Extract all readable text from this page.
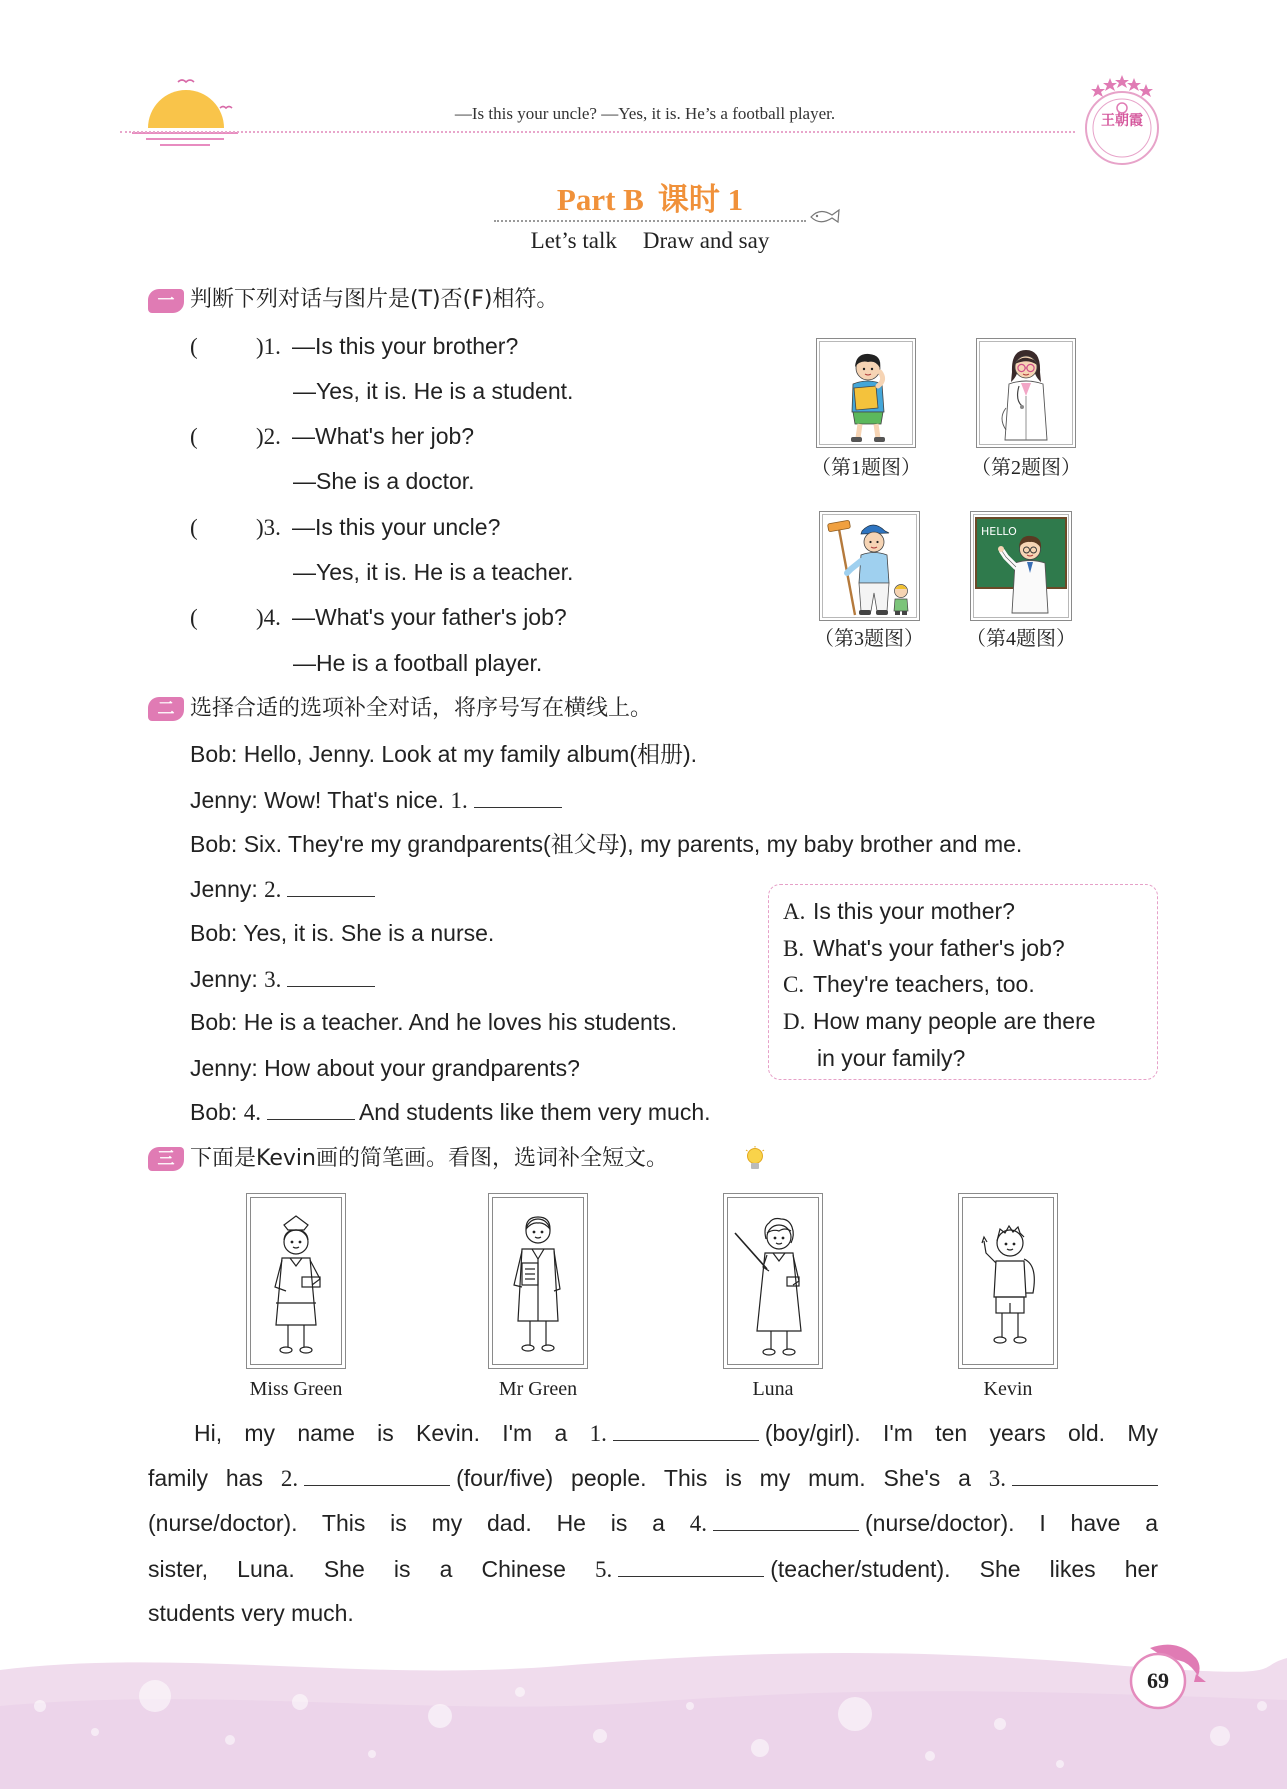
—Is this your uncle? —Yes, it is. He’s a football player.	王朝霞
Part B 课时 1
Let’s talk Draw and say
一 判断下列对话与图片是(T)否(F)相符。
(	)1. —Is this your brother?
—Yes, it is. He is a student.
(	)2. —What's her job?
—She is a doctor.
(	)3. —Is this your uncle?
—Yes, it is. He is a teacher.
(	)4. —What's your father's job?
—He is a football player.
（第1题图）	（第2题图）
HELLO
（第3题图） （第4题图）
二 选择合适的选项补全对话，将序号写在横线上。
Bob: Hello, Jenny. Look at my family album(相册).
Jenny: Wow! That's nice. 1.
Bob: Six. They're my grandparents(祖父母), my parents, my baby brother and me.
Jenny: 2.
Bob: Yes, it is. She is a nurse.
Jenny: 3.
Bob: He is a teacher. And he loves his students.
Jenny: How about your grandparents?
Bob: 4.	And students like them very much.
A. Is this your mother?
B. What's your father's job?
C. They're teachers, too.
D. How many people are there
in your family?
三 下面是Kevin画的简笔画。看图，选词补全短文。
Miss Green	Mr Green	Luna	Kevin
Hi, my name is Kevin. I'm a 1.	(boy/girl). I'm ten years old. My
family has 2.	(four/five) people. This is my mum. She's a 3.
(nurse/doctor). This is my dad. He is a 4.	(nurse/doctor). I have a
sister, Luna. She is a Chinese 5.	(teacher/student). She likes her
students very much.
69
